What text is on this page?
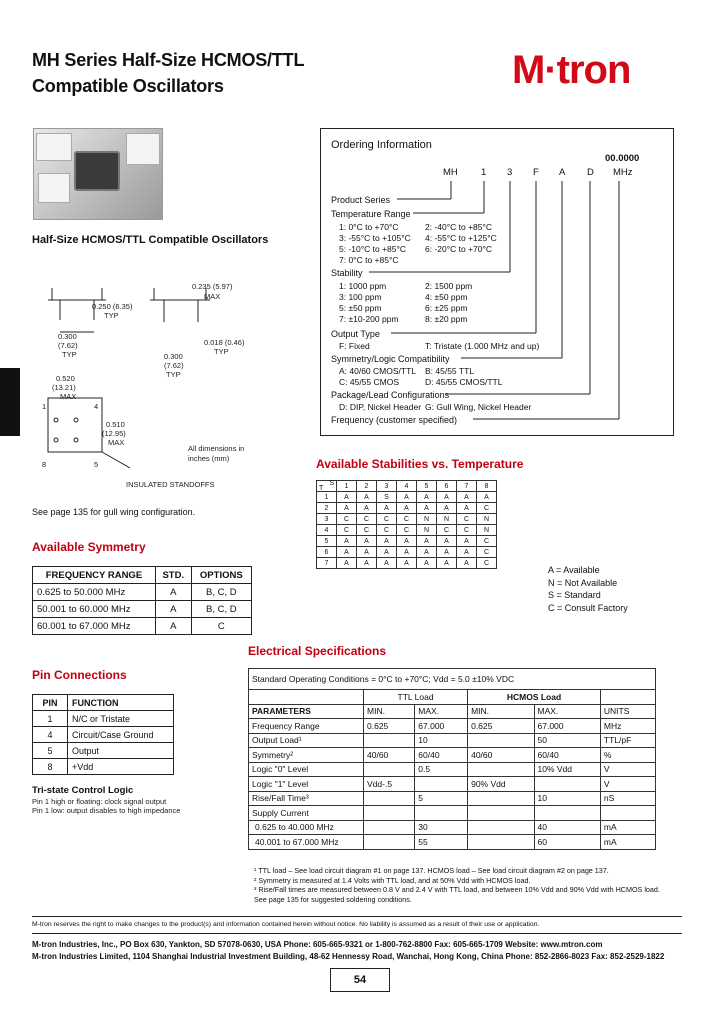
MH Series Half-Size HCMOS/TTL
Compatible Oscillators	M·tron
Half-Size HCMOS/TTL Compatible Oscillators
0.235 (5.97)
MAX
0.250 (6.35)
TYP
0.300
(7.62)
TYP
0.018 (0.46)
TYP
0.300
(7.62)
TYP
0.520
(13.21)
MAX
0.510
(12.95)
MAX
1	4
8	5
All dimensions in inches (mm)
INSULATED STANDOFFS
See page 135 for gull wing configuration.
Ordering Information
00.0000
MH 1 3 F A D MHz
Product Series
Temperature Range
1: 0°C to +70°C	2: -40°C to +85°C
3: -55°C to +105°C 4: -55°C to +125°C
5: -10°C to +85°C 6: -20°C to +70°C
7: 0°C to +85°C
Stability
1: 1000 ppm	2: 1500 ppm
3: 100 ppm	4: ±50 ppm
5: ±50 ppm	6: ±25 ppm
7: ±10-200 ppm	8: ±20 ppm
Output Type
F: Fixed	T: Tristate (1.000 MHz and up)
Symmetry/Logic Compatibility
A: 40/60 CMOS/TTL B: 45/55 TTL
C: 45/55 CMOS	D: 45/55 CMOS/TTL
Package/Lead Configurations
D: DIP, Nickel Header G: Gull Wing, Nickel Header
Frequency (customer specified)
Available Stabilities vs. Temperature
S
T	1	2	3	4	5	6	7	8
1	A	A	S	A	A	A	A	A
2	A	A	A	A	A	A	A	C
3	C	C	C	C	N	N	C	N
4	C	C	C	C	N	C	C	N
5	A	A	A	A	A	A	A	C
6	A	A	A	A	A	A	A	C
7	A	A	A	A	A	A	A	C
A = Available
N = Not Available
S = Standard
C = Consult Factory
Available Symmetry
FREQUENCY RANGE	STD.	OPTIONS
0.625 to 50.000 MHz	A	B, C, D
50.001 to 60.000 MHz	A	B, C, D
60.001 to 67.000 MHz	A	C
Pin Connections
PIN	FUNCTION
1	N/C or Tristate
4	Circuit/Case Ground
5	Output
8	+Vdd
Tri-state Control Logic
Pin 1 high or floating: clock signal output
Pin 1 low: output disables to high impedance
Electrical Specifications
Standard Operating Conditions = 0°C to +70°C; Vdd = 5.0 ±10% VDC					
	TTL Load		HCMOS Load		
PARAMETERS	MIN.	MAX.	MIN.	MAX.	UNITS
Frequency Range	0.625	67.000	0.625	67.000	MHz
Output Load¹		10		50	TTL/pF
Symmetry²	40/60	60/40	40/60	60/40	%
Logic "0" Level		0.5		10% Vdd	V
Logic "1" Level	Vdd-.5		90% Vdd		V
Rise/Fall Time³		5		10	nS
Supply Current					
0.625 to 40.000 MHz		30		40	mA
40.001 to 67.000 MHz		55		60	mA
¹ TTL load – See load circuit diagram #1 on page 137. HCMOS load – See load circuit diagram #2 on page 137.
² Symmetry is measured at 1.4 Volts with TTL load, and at 50% Vdd with HCMOS load.
³ Rise/Fall times are measured between 0.8 V and 2.4 V with TTL load, and between 10% Vdd and 90% Vdd with HCMOS load.
See page 135 for suggested soldering conditions.
M-tron reserves the right to make changes to the product(s) and information contained herein without notice. No liability is assumed as a result of their use or application.
M-tron Industries, Inc., PO Box 630, Yankton, SD 57078-0630, USA Phone: 605-665-9321 or 1-800-762-8800 Fax: 605-665-1709 Website: www.mtron.com
M-tron Industries Limited, 1104 Shanghai Industrial Investment Building, 48-62 Hennessy Road, Wanchai, Hong Kong, China Phone: 852-2866-8023 Fax: 852-2529-1822
54
